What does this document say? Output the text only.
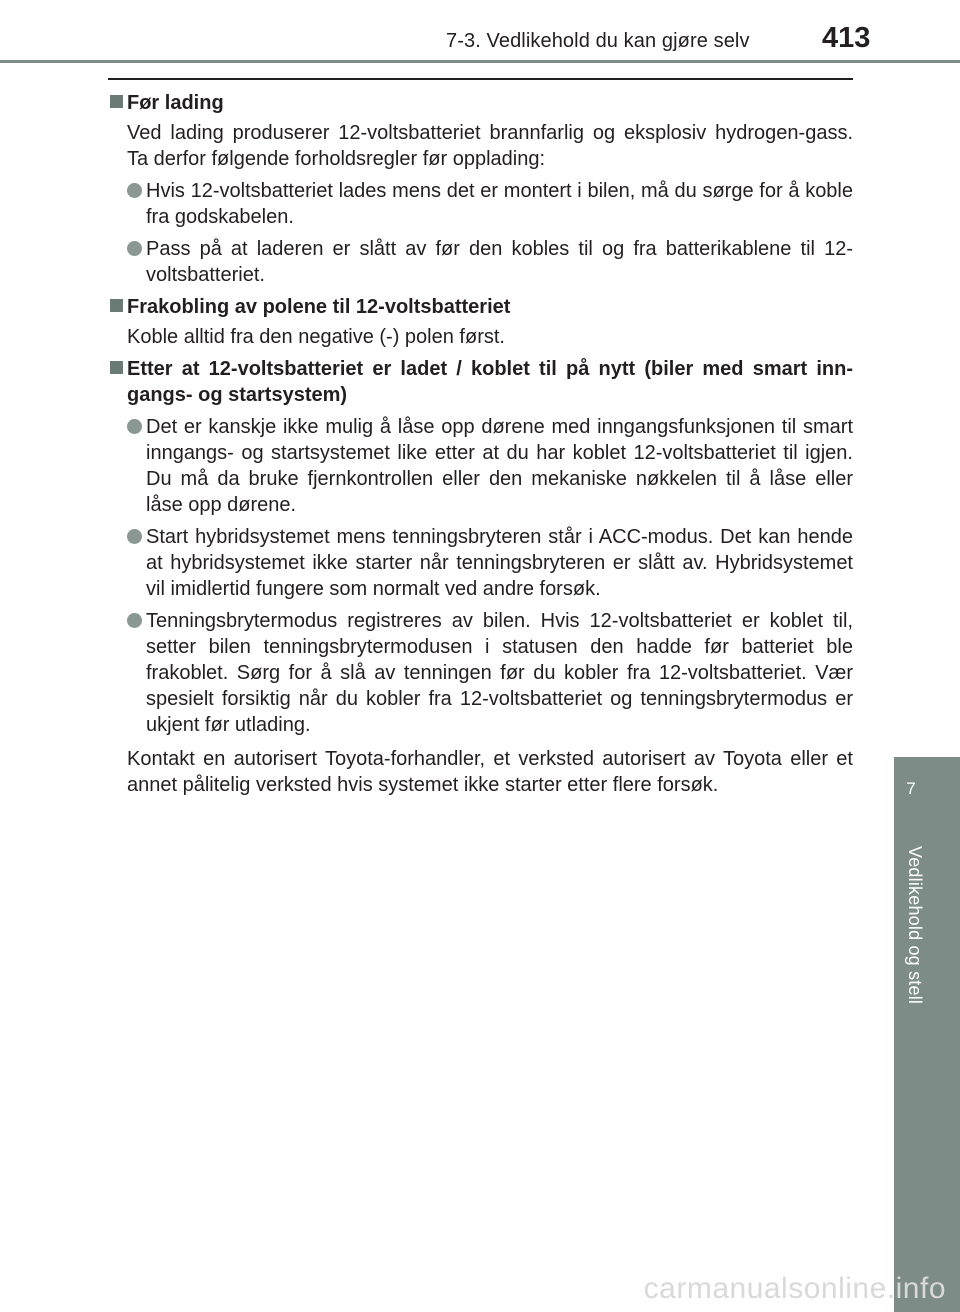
7-3. Vedlikehold du kan gjøre selv 413
7
Vedlikehold og stell

Før lading

Ved lading produserer 12-voltsbatteriet brannfarlig og eksplosiv hydrogen-gass. Ta derfor følgende forholdsregler før opplading:

Hvis 12-voltsbatteriet lades mens det er montert i bilen, må du sørge for å koble fra godskabelen.
Pass på at laderen er slått av før den kobles til og fra batterikablene til 12-voltsbatteriet.

Frakobling av polene til 12-voltsbatteriet

Koble alltid fra den negative (-) polen først.

Etter at 12-voltsbatteriet er ladet / koblet til på nytt (biler med smart inn-gangs- og startsystem)

Det er kanskje ikke mulig å låse opp dørene med inngangsfunksjonen til smart inngangs- og startsystemet like etter at du har koblet 12-voltsbatteriet til igjen. Du må da bruke fjernkontrollen eller den mekaniske nøkkelen til å låse eller låse opp dørene.
Start hybridsystemet mens tenningsbryteren står i ACC-modus. Det kan hende at hybridsystemet ikke starter når tenningsbryteren er slått av. Hybridsystemet vil imidlertid fungere som normalt ved andre forsøk.
Tenningsbrytermodus registreres av bilen. Hvis 12-voltsbatteriet er koblet til, setter bilen tenningsbrytermodusen i statusen den hadde før batteriet ble frakoblet. Sørg for å slå av tenningen før du kobler fra 12-voltsbatteriet. Vær spesielt forsiktig når du kobler fra 12-voltsbatteriet og tenningsbrytermodus er ukjent før utlading.

Kontakt en autorisert Toyota-forhandler, et verksted autorisert av Toyota eller et annet pålitelig verksted hvis systemet ikke starter etter flere forsøk.

carmanualsonline.info
